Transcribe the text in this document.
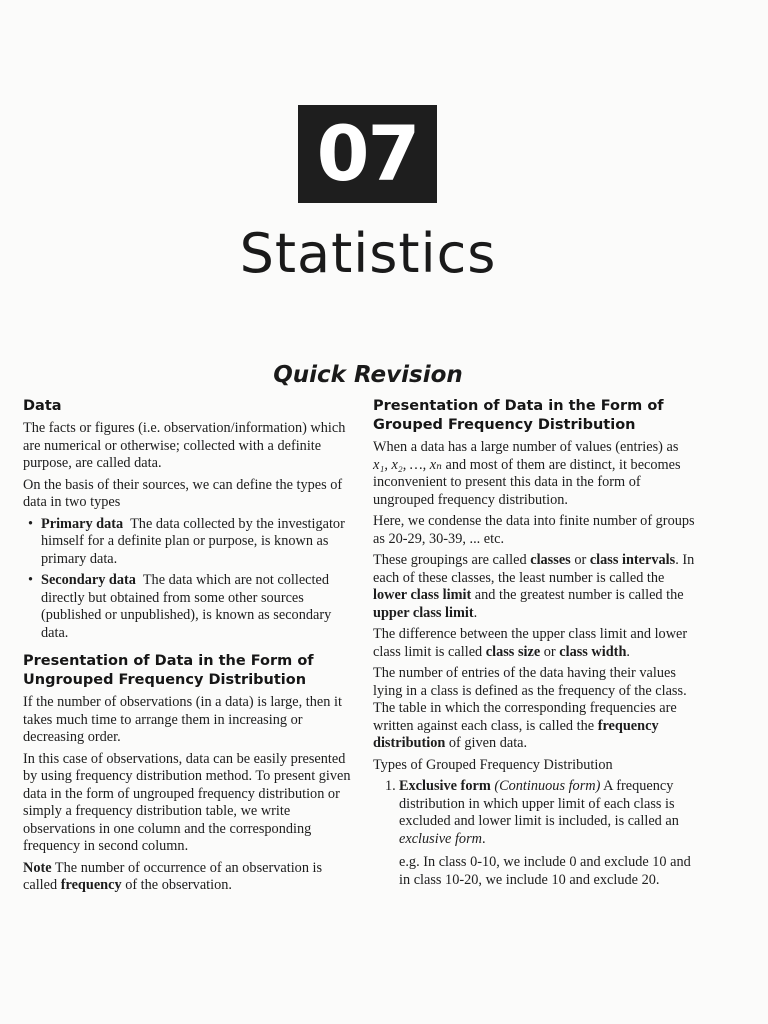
07
Statistics
Quick Revision
Data

The facts or figures (i.e. observation/information) which are numerical or otherwise; collected with a definite purpose, are called data.

On the basis of their sources, we can define the types of data in two types

• Primary data The data collected by the investigator himself for a definite plan or purpose, is known as primary data.
• Secondary data The data which are not collected directly but obtained from some other sources (published or unpublished), is known as secondary data.
Presentation of Data in the Form of Ungrouped Frequency Distribution

If the number of observations (in a data) is large, then it takes much time to arrange them in increasing or decreasing order.

In this case of observations, data can be easily presented by using frequency distribution method. To present given data in the form of ungrouped frequency distribution or simply a frequency distribution table, we write observations in one column and the corresponding frequency in second column.

Note The number of occurrence of an observation is called frequency of the observation.

Presentation of Data in the Form of Grouped Frequency Distribution

When a data has a large number of values (entries) as x₁, x₂, …, xₙ and most of them are distinct, it becomes inconvenient to present this data in the form of ungrouped frequency distribution.

Here, we condense the data into finite number of groups as 20-29, 30-39, ... etc.

These groupings are called classes or class intervals. In each of these classes, the least number is called the lower class limit and the greatest number is called the upper class limit.

The difference between the upper class limit and lower class limit is called class size or class width.

The number of entries of the data having their values lying in a class is defined as the frequency of the class. The table in which the corresponding frequencies are written against each class, is called the frequency distribution of given data.

Types of Grouped Frequency Distribution

1. Exclusive form (Continuous form) A frequency distribution in which upper limit of each class is excluded and lower limit is included, is called an exclusive form.

e.g. In class 0-10, we include 0 and exclude 10 and in class 10-20, we include 10 and exclude 20.
